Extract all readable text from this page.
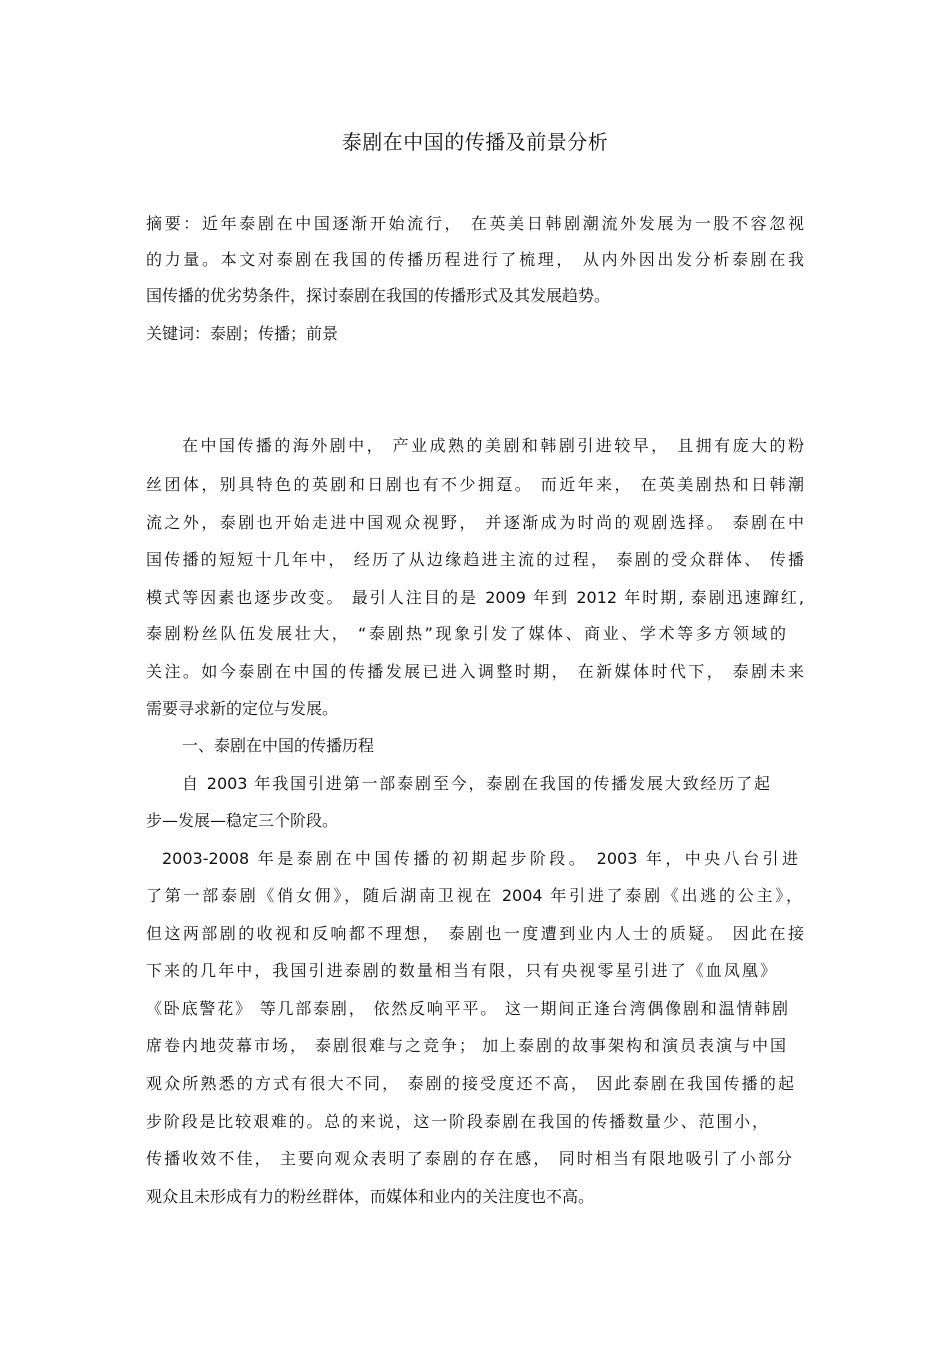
泰剧在中国的传播及前景分析
摘要：近年泰剧在中国逐渐开始流行， 在英美日韩剧潮流外发展为一股不容忽视
的力量。本文对泰剧在我国的传播历程进行了梳理， 从内外因出发分析泰剧在我
国传播的优劣势条件，探讨泰剧在我国的传播形式及其发展趋势。
关键词：泰剧；传播；前景
在中国传播的海外剧中， 产业成熟的美剧和韩剧引进较早， 且拥有庞大的粉
丝团体，别具特色的英剧和日剧也有不少拥趸。 而近年来， 在英美剧热和日韩潮
流之外，泰剧也开始走进中国观众视野， 并逐渐成为时尚的观剧选择。 泰剧在中
国传播的短短十几年中， 经历了从边缘趋进主流的过程， 泰剧的受众群体、 传播
模式等因素也逐步改变。 最引人注目的是 2009 年到 2012 年时期, 泰剧迅速蹿红,
泰剧粉丝队伍发展壮大， “泰剧热”现象引发了媒体、商业、学术等多方领域的
关注。如今泰剧在中国的传播发展已进入调整时期， 在新媒体时代下， 泰剧未来
需要寻求新的定位与发展。
一、泰剧在中国的传播历程
自 2003 年我国引进第一部泰剧至今，泰剧在我国的传播发展大致经历了起
步—发展—稳定三个阶段。
2003-2008 年是泰剧在中国传播的初期起步阶段。 2003 年，中央八台引进
了第一部泰剧《俏女佣》，随后湖南卫视在 2004 年引进了泰剧《出逃的公主》，
但这两部剧的收视和反响都不理想， 泰剧也一度遭到业内人士的质疑。 因此在接
下来的几年中，我国引进泰剧的数量相当有限，只有央视零星引进了《血凤凰》
《卧底警花》 等几部泰剧， 依然反响平平。 这一期间正逢台湾偶像剧和温情韩剧
席卷内地荧幕市场， 泰剧很难与之竞争； 加上泰剧的故事架构和演员表演与中国
观众所熟悉的方式有很大不同， 泰剧的接受度还不高， 因此泰剧在我国传播的起
步阶段是比较艰难的。总的来说，这一阶段泰剧在我国的传播数量少、范围小，
传播收效不佳， 主要向观众表明了泰剧的存在感， 同时相当有限地吸引了小部分
观众且未形成有力的粉丝群体，而媒体和业内的关注度也不高。
